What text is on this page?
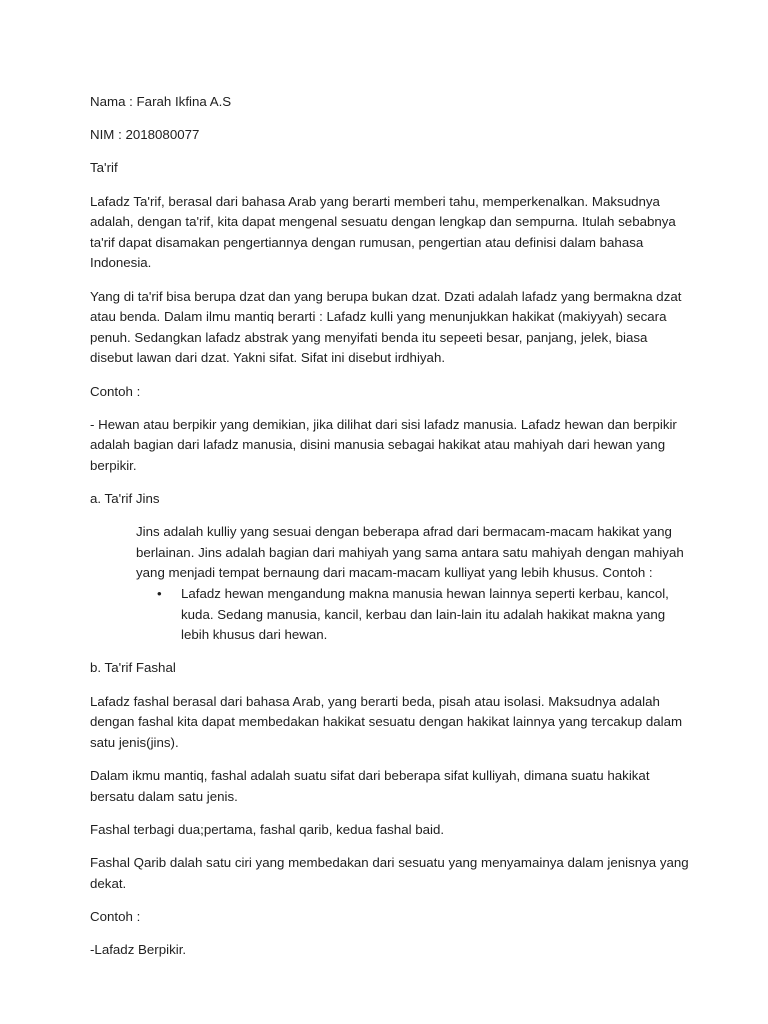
Nama : Farah Ikfina A.S

NIM : 2018080077

Ta'rif

Lafadz Ta'rif, berasal dari bahasa Arab yang berarti memberi tahu, memperkenalkan. Maksudnya adalah, dengan ta'rif, kita dapat mengenal sesuatu dengan lengkap dan sempurna. Itulah sebabnya ta'rif dapat disamakan pengertiannya dengan rumusan, pengertian atau definisi dalam bahasa Indonesia.

Yang di ta'rif bisa berupa dzat dan yang berupa bukan dzat. Dzati adalah lafadz yang bermakna dzat atau benda. Dalam ilmu mantiq berarti : Lafadz kulli yang menunjukkan hakikat (makiyyah) secara penuh. Sedangkan lafadz abstrak yang menyifati benda itu sepeeti besar, panjang, jelek, biasa disebut lawan dari dzat. Yakni sifat. Sifat ini disebut irdhiyah.

Contoh :

- Hewan atau berpikir yang demikian, jika dilihat dari sisi lafadz manusia. Lafadz hewan dan berpikir adalah bagian dari lafadz manusia, disini manusia sebagai hakikat atau mahiyah dari hewan yang berpikir.

a. Ta'rif Jins

Jins adalah kulliy yang sesuai dengan beberapa afrad dari bermacam-macam hakikat yang berlainan. Jins adalah bagian dari mahiyah yang sama antara satu mahiyah dengan mahiyah yang menjadi tempat bernaung dari macam-macam kulliyat yang lebih khusus. Contoh :

• Lafadz hewan mengandung makna manusia hewan lainnya seperti kerbau, kancol, kuda. Sedang manusia, kancil, kerbau dan lain-lain itu adalah hakikat makna yang lebih khusus dari hewan.

b. Ta'rif Fashal

Lafadz fashal berasal dari bahasa Arab, yang berarti beda, pisah atau isolasi. Maksudnya adalah dengan fashal kita dapat membedakan hakikat sesuatu dengan hakikat lainnya yang tercakup dalam satu jenis(jins).

Dalam ikmu mantiq, fashal adalah suatu sifat dari beberapa sifat kulliyah, dimana suatu hakikat bersatu dalam satu jenis.

Fashal terbagi dua;pertama, fashal qarib, kedua fashal baid.

Fashal Qarib dalah satu ciri yang membedakan dari sesuatu yang menyamainya dalam jenisnya yang dekat.

Contoh :

-Lafadz Berpikir.
